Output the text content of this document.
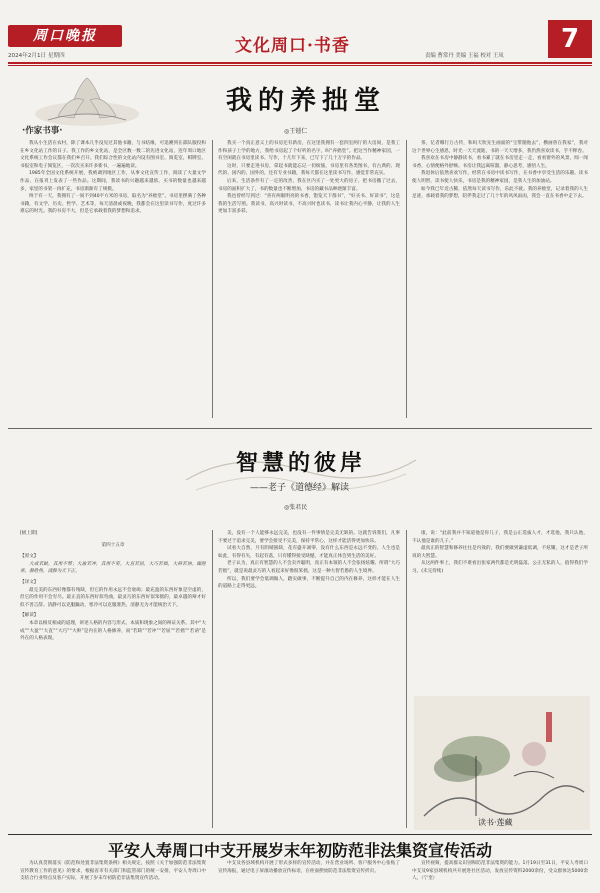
周口晚报
2024年2月1日 星期四	文化周口·书香	责编 曹常丹 美编 王福 校对 王凤
7
·作家书事·
我的养拙堂
◎王锺仁

我从小生活在农村，除了课本几乎没见过其他书籍，与书结缘，可追溯到在部队服役和在乡文化站工作的日子。我工作的乡文化站，是全区数一数二的先进文化站，连年周口地区文化系统工作会议都在我们乡召开。我们综合性的文化站内设有图书室、阅览室、棋牌室、书报室和电子阅览区，一次次买来许多新书，一遍遍地读。

1985年全国文化系统开展，我被调到地区工作，从事文化宣传工作，阅读了大量文学作品，在报刊上发表了一些作品。这期间，我读书的兴趣越来越浓，买书的数量也越来越多，家里的书架一再扩充，书房渐渐有了规模。

终于有一天，我拥有了一间不到40平方米的书房，取名为“养拙堂”。书房里摆满了各种书籍，有文学、历史、哲学、艺术等，每天清晨或夜晚，我都会在这里读书写作，度过许多难忘的时光。我的书房不大，但是它承载着我的梦想和追求。

我买一个真正意义上的书房还有新房，在这里我拥有一套四室两厅的大房间，是我工作和孩子上学的地方，我给书房起了个好听的名字，叫“养拙堂”。把这当作精神家园，一有空闲就在书房里读书、写作，十几年下来，已写下了几十万字的作品。

这时，只要走进书房，拿起书就能忘记一切烦恼，书房里有各类图书，有古典的、现代的、国内的、国外的，还有专业书籍，我每天都在这里读书写作，感觉非常充实。

后来，生活条件有了一定的改善，我在区内买了一处更大的房子，把书房搬了过去，书房的面积扩大了，书的数量也不断增加，书房的藏书品种逐渐丰富。

我也曾经写到过：“喜有两眼明亮的书香，饱览天下群书”，“好买书、好读书”，这是我的生活写照。我读书，高兴时读书，不高兴时也读书，读书让我内心平静，让我的人生更加丰富多彩。

茶，亿者哪行万古传，和吗天吹先生画面的“宝带随他去”，横画曾在我家”，我对这个世界心生感恩，时光一天天流逝，书的一天天增多，我仍然喜欢读书，手不释卷。

我喜欢在书房中静静读书，看书累了就在书房里走一走，看看窗外的风景，闻一闻书香，心情便格外舒畅。书房让我远离喧嚣，静心思考，感悟人生。

我退休后依然喜欢写作，经常在书房中读书写作，在书香中享受生活的乐趣。读书使人明智，读书使人快乐，书房是我的精神家园，是我人生的加油站。

如今我已年近古稀，依然每天读书写作，乐此不疲。我的养拙堂，记录着我的人生足迹，承载着我的梦想，陪伴我走过了几十年的风风雨雨，我会一直在书香中走下去。

智慧的彼岸
——老子《道德经》解读
◎张君民

[极上期]

第四十五章

【原文】

大成若缺，其用不弊；大盈若冲，其用不穷。大直若屈，大巧若拙，大辩若讷。躁胜寒，静胜热，清静为天下正。

【译文】

最完美的东西好像都有残缺，但它的作用永远不会衰竭；最充盈的东西好象是空虚的，但它的作用不会穷尽。最正直的东西好似弯曲，最灵巧的东西好似笨拙的，最卓越的辩才好似不善言辞。清静可以克服躁动，寒冷可以克服暑热，清静无为才能统治天下。

【解读】

本章以相反相成的道理，讲述人格的内容与形式、本质和现象之间的辩证关系。其中“大成”“大盈”“大直”“大巧”“大辩”是内在的人格修养，而“若缺”“若冲”“若屈”“若拙”“若讷”是外在的人格表现。

美，没有一个人能够永远完美，也没有一件事情是完美无缺的。这就告诉我们，凡事不要过于追求完美，要学会接受不完美，保持平常心，这样才能活得更加快乐。

试看大自然，月有阴晴圆缺，花有盛开凋零，没有什么东西是永远不变的。人生也是如此，有得有失，有起有落，只有懂得接受缺憾，才能真正体会到生活的美好。

老子认为，真正有智慧的人不会卖弄聪明，真正有本领的人不会张扬炫耀。所谓“大巧若拙”，就是说最灵巧的人看起来好像很笨拙，这是一种大智若愚的人生境界。

所以，我们要学会低调做人，踏实做事，不断提升自己的内在修养，这样才能在人生的道路上走得更远。

康，说：“此前我并不知道他是你儿子，我是公正选拔人才，才选他，我只认他，不认他是谁的儿子。”

最真正的智慧和修养往往是内敛的，我们要做到谦虚低调，不炫耀，这才是老子所说的大智慧。

从这两件事上，我们不难看出张家两代都是光明磊落、公正无私的人，值得我们学习。(未完待续)

读书·莲藏
平安人寿周口中支开展岁末年初防范非法集资宣传活动

为认真贯彻落实《防范和处置非法集资条例》相关规定，按照《关于加强防范非法集资宣传教育工作的意见》的要求，根据省市有关部门和监管部门的统一安排，平安人寿周口中支结合行业特点及客户实际，开展了岁末年初防范非法集资宣传活动。

中支及各县域机构开展了形式多样的宣传活动，并在营业场所、客户服务中心张贴了宣传海报，通过电子屏滚动播放宣传标语，在柜面摆放防范非法集资宣传折页。

宣传视频，提高群众识别和防范非法集资的能力。1月19日至31日，平安人寿周口中支及9家县域机构共开展进社区活动，发放宣传资料2000余份，受众群体达5000余人。（宁奎）
